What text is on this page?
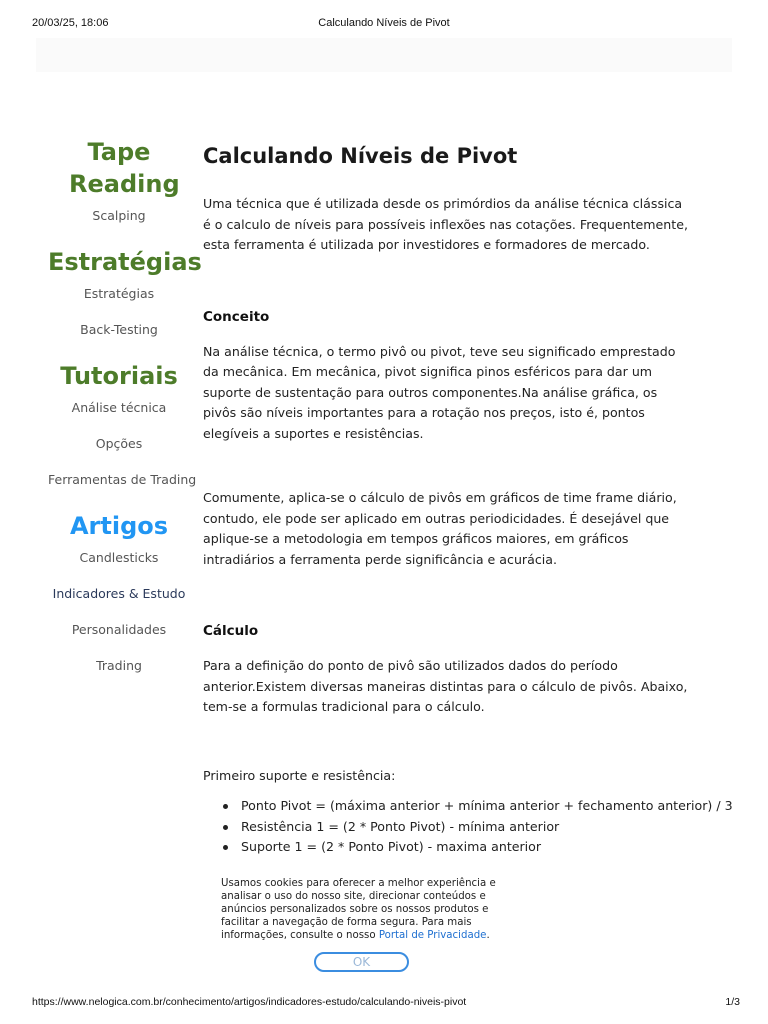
20/03/25, 18:06	Calculando Níveis de Pivot
Tape Reading
Scalping
Estratégias
Estratégias
Back-Testing
Tutoriais
Análise técnica
Opções
Ferramentas de Trading
Artigos
Candlesticks
Indicadores & Estudo
Personalidades
Trading
Calculando Níveis de Pivot

Uma técnica que é utilizada desde os primórdios da análise técnica clássica é o calculo de níveis para possíveis inflexões nas cotações. Frequentemente, esta ferramenta é utilizada por investidores e formadores de mercado.

Conceito

Na análise técnica, o termo pivô ou pivot, teve seu significado emprestado da mecânica. Em mecânica, pivot significa pinos esféricos para dar um suporte de sustentação para outros componentes.Na análise gráfica, os pivôs são níveis importantes para a rotação nos preços, isto é, pontos elegíveis a suportes e resistências.

Comumente, aplica-se o cálculo de pivôs em gráficos de time frame diário, contudo, ele pode ser aplicado em outras periodicidades. É desejável que aplique-se a metodologia em tempos gráficos maiores, em gráficos intradiários a ferramenta perde significância e acurácia.

Cálculo

Para a definição do ponto de pivô são utilizados dados do período anterior.Existem diversas maneiras distintas para o cálculo de pivôs. Abaixo, tem-se a formulas tradicional para o cálculo.

Primeiro suporte e resistência:

Ponto Pivot = (máxima anterior + mínima anterior + fechamento anterior) / 3
Resistência 1 = (2 * Ponto Pivot) - mínima anterior
Suporte 1 = (2 * Ponto Pivot) - maxima anterior
Usamos cookies para oferecer a melhor experiência e analisar o uso do nosso site, direcionar conteúdos e anúncios personalizados sobre os nossos produtos e facilitar a navegação de forma segura. Para mais informações, consulte o nosso Portal de Privacidade.
OK
https://www.nelogica.com.br/conhecimento/artigos/indicadores-estudo/calculando-niveis-pivot	1/3
